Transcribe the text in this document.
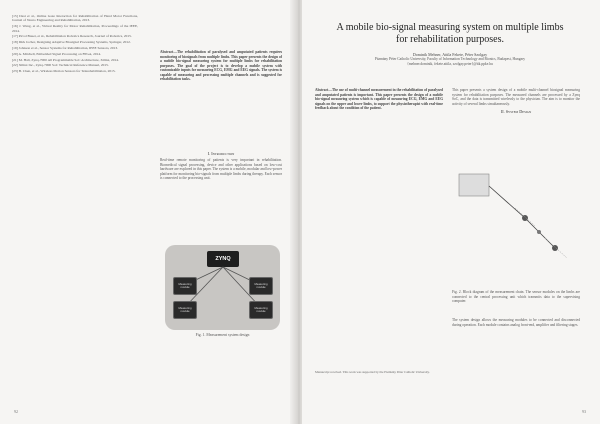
[15] Desi et al., Online Gaze Interaction for Rehabilitation of Hand Motor Functions, Journal of Neuro Engineering and Rehabilitation, 2013.
[16] J. Wang, et al., Virtual Reality for Motor Rehabilitation, Proceedings of the IEEE, 2014.
[17] Pavol Bauer, et al., Rehabilitation Robotics Research, Journal of Robotics, 2015.
[18] Dirk Jocher, Designing Adaptive Biosignal Processing Systems, Springer, 2012.
[19] Johnson et al., Sensor Systems for Rehabilitation, IEEE Sensors, 2013.
[20] A. Mitchell, Embedded Signal Processing on FPGA, 2014.
[21] M. Hall, Zynq-7000 All Programmable SoC Architecture, Xilinx, 2014.
[22] Xilinx Inc., Zynq-7000 SoC Technical Reference Manual, 2015.
[23] B. Chen, et al., Wireless Motion Sensors for Telerehabilitation, 2015.
Abstract—The rehabilitation of paralysed and amputated patients requires monitoring of biosignals from multiple limbs. This paper presents the design of a mobile bio-signal measuring system for multiple limbs for rehabilitation purposes. The goal of the project is to develop a mobile system with customizable inputs for measuring ECG, EMG and EEG signals. The system is capable of measuring and processing multiple channels and is suggested for rehabilitation tasks.
I. Introduction
Real-time remote monitoring of patients is very important in rehabilitation. Biomedical signal processing, device and other applications based on low-cost hardware are explored in this paper. The system is a mobile, modular and low-power platform for monitoring bio-signals from multiple limbs during therapy. Each sensor is connected to the processing unit.
ZYNQ
Measuring module
Measuring module
Measuring module
Measuring module
Fig. 1. Measurement system design
92
A mobile bio-signal measuring system on multiple limbs for rehabilitation purposes.
Dominik Mehner, Attila Fekete, Péter Szolgay
Pázmány Péter Catholic University, Faculty of Information Technology and Bionics, Budapest, Hungary
{mehner.dominik, fekete.attila, szolgay.peter}@itk.ppke.hu
Abstract—The use of multi-channel measurement in the rehabilitation of paralysed and amputated patients is important. This paper presents the design of a mobile bio-signal measuring system which is capable of measuring ECG, EMG and EEG signals on the upper and lower limbs, to support the physiotherapist with real-time feedback about the condition of the patient.
This paper presents a system design of a mobile multi-channel biosignal measuring system for rehabilitation purposes. The measured channels are processed by a Zynq SoC, and the data is transmitted wirelessly to the physician. The aim is to monitor the activity of several limbs simultaneously.
II. System Design
Fig. 2. Block diagram of the measurement chain. The sensor modules on the limbs are connected to the central processing unit which transmits data to the supervising computer.
The system design allows the measuring modules to be connected and disconnected during operation. Each module contains analog front-end, amplifier and filtering stages.
Manuscript received. This work was supported by the Pázmány Péter Catholic University.
93
